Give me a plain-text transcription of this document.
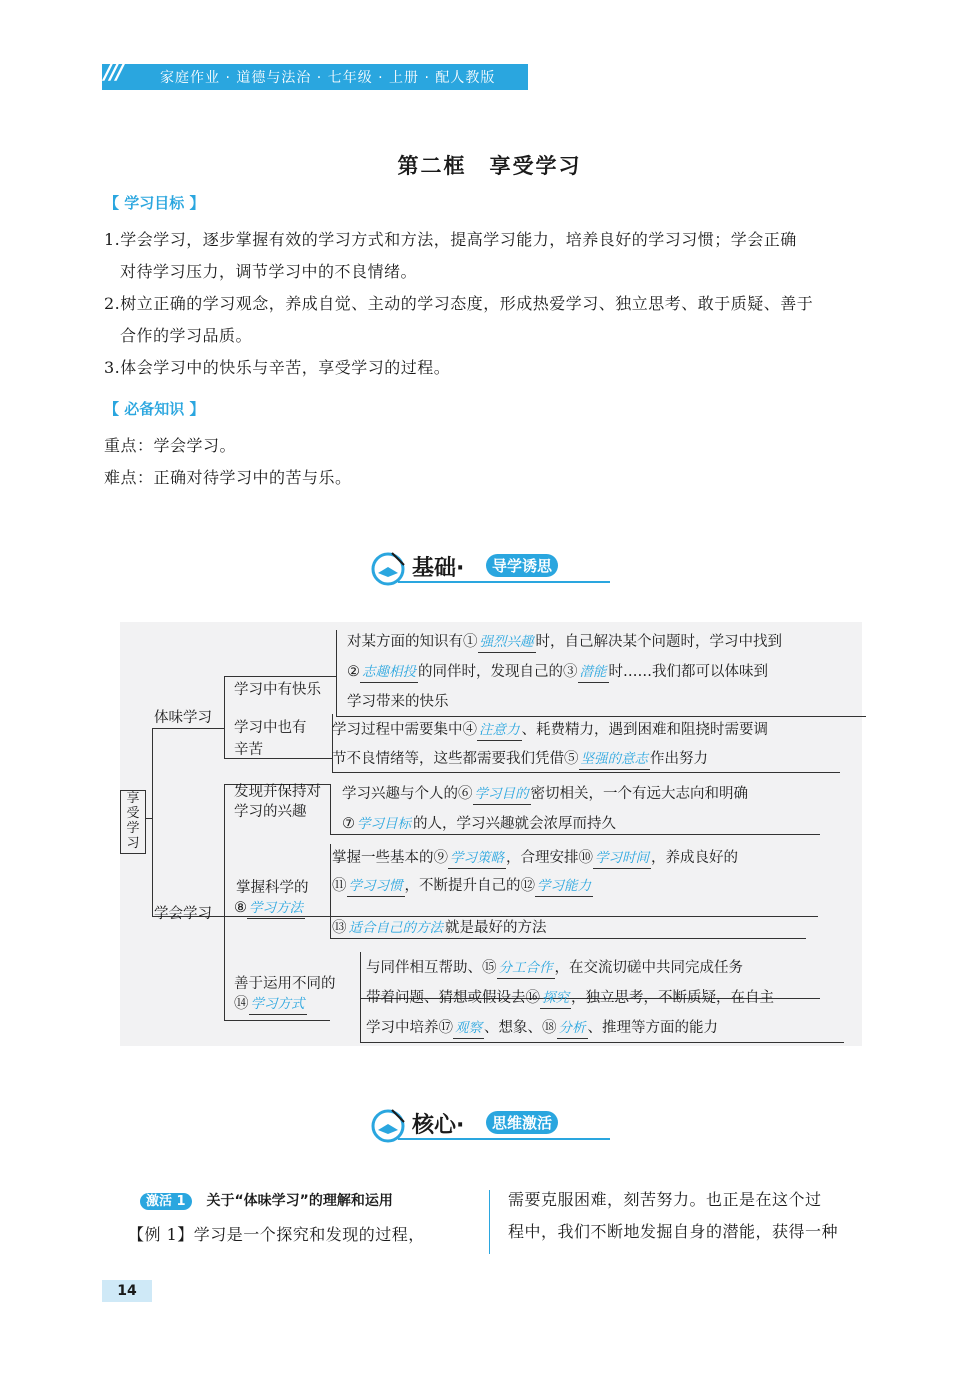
///	家庭作业 · 道德与法治 · 七年级 · 上册 · 配人教版
第二框　享受学习
【 学习目标 】
1.学会学习，逐步掌握有效的学习方式和方法，提高学习能力，培养良好的学习习惯；学会正确
对待学习压力，调节学习中的不良情绪。
2.树立正确的学习观念，养成自觉、主动的学习态度，形成热爱学习、独立思考、敢于质疑、善于
合作的学习品质。
3.体会学习中的快乐与辛苦，享受学习的过程。
【 必备知识 】
重点：学会学习。
难点：正确对待学习中的苦与乐。
基础·	导学诱思
享受学习
体味学习
学习中有快乐
对某方面的知识有① 强烈兴趣 时，自己解决某个问题时，学习中找到
② 志趣相投 的同伴时，发现自己的③ 潜能 时……我们都可以体味到
学习带来的快乐
学习中也有
辛苦
学习过程中需要集中④ 注意力 、耗费精力，遇到困难和阻挠时需要调
节不良情绪等，这些都需要我们凭借⑤ 坚强的意志 作出努力
学会学习
发现并保持对
学习的兴趣
学习兴趣与个人的⑥ 学习目的 密切相关，一个有远大志向和明确
⑦ 学习目标 的人，学习兴趣就会浓厚而持久
掌握科学的
⑧ 学习方法
掌握一些基本的⑨ 学习策略 ，合理安排⑩ 学习时间 ，养成良好的
⑪ 学习习惯 ，不断提升自己的⑫ 学习能力
⑬ 适合自己的方法 就是最好的方法
善于运用不同的
⑭ 学习方式
与同伴相互帮助、⑮ 分工合作 ，在交流切磋中共同完成任务
带着问题、猜想或假设去⑯ 探究 ，独立思考，不断质疑，在自主
学习中培养⑰ 观察 、想象、⑱ 分析 、推理等方面的能力
核心·	思维激活
激活 1 关于“体味学习”的理解和运用
【例 1】学习是一个探究和发现的过程，
需要克服困难，刻苦努力。也正是在这个过
程中，我们不断地发掘自身的潜能，获得一种
14
